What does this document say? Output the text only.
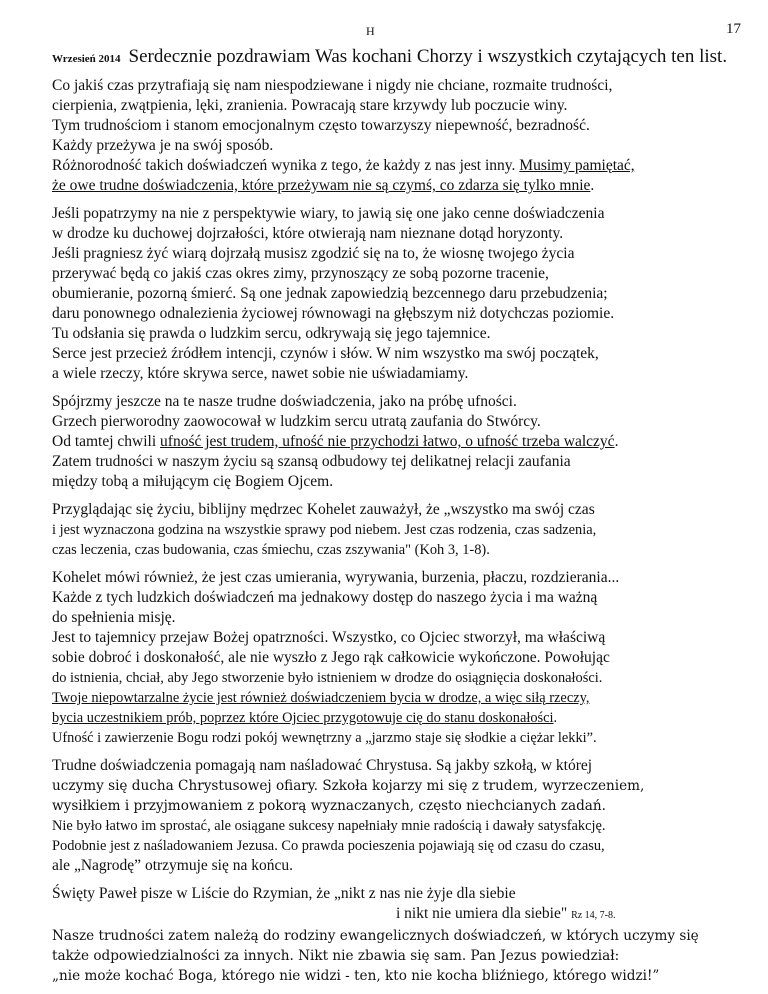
H	17
Wrzesień 2014 Serdecznie pozdrawiam Was kochani Chorzy i wszystkich czytających ten list.

Co jakiś czas przytrafiają się nam niespodziewane i nigdy nie chciane, rozmaite trudności,
cierpienia, zwątpienia, lęki, zranienia. Powracają stare krzywdy lub poczucie winy.
Tym trudnościom i stanom emocjonalnym często towarzyszy niepewność, bezradność.
Każdy przeżywa je na swój sposób.
Różnorodność takich doświadczeń wynika z tego, że każdy z nas jest inny. Musimy pamiętać,
że owe trudne doświadczenia, które przeżywam nie są czymś, co zdarza się tylko mnie.

Jeśli popatrzymy na nie z perspektywie wiary, to jawią się one jako cenne doświadczenia
w drodze ku duchowej dojrzałości, które otwierają nam nieznane dotąd horyzonty.
Jeśli pragniesz żyć wiarą dojrzałą musisz zgodzić się na to, że wiosnę twojego życia
przerywać będą co jakiś czas okres zimy, przynoszący ze sobą pozorne tracenie,
obumieranie, pozorną śmierć. Są one jednak zapowiedzią bezcennego daru przebudzenia;
daru ponownego odnalezienia życiowej równowagi na głębszym niż dotychczas poziomie.
Tu odsłania się prawda o ludzkim sercu, odkrywają się jego tajemnice.
Serce jest przecież źródłem intencji, czynów i słów. W nim wszystko ma swój początek,
a wiele rzeczy, które skrywa serce, nawet sobie nie uświadamiamy.

Spójrzmy jeszcze na te nasze trudne doświadczenia, jako na próbę ufności.
Grzech pierworodny zaowocował w ludzkim sercu utratą zaufania do Stwórcy.
Od tamtej chwili ufność jest trudem, ufność nie przychodzi łatwo, o ufność trzeba walczyć.
Zatem trudności w naszym życiu są szansą odbudowy tej delikatnej relacji zaufania
między tobą a miłującym cię Bogiem Ojcem.

Przyglądając się życiu, biblijny mędrzec Kohelet zauważył, że „wszystko ma swój czas
i jest wyznaczona godzina na wszystkie sprawy pod niebem. Jest czas rodzenia, czas sadzenia,
czas leczenia, czas budowania, czas śmiechu, czas zszywania" (Koh 3, 1-8).

Kohelet mówi również, że jest czas umierania, wyrywania, burzenia, płaczu, rozdzierania...
Każde z tych ludzkich doświadczeń ma jednakowy dostęp do naszego życia i ma ważną
do spełnienia misję.
Jest to tajemnicy przejaw Bożej opatrzności. Wszystko, co Ojciec stworzył, ma właściwą
sobie dobroć i doskonałość, ale nie wyszło z Jego rąk całkowicie wykończone. Powołując
do istnienia, chciał, aby Jego stworzenie było istnieniem w drodze do osiągnięcia doskonałości.
Twoje niepowtarzalne życie jest również doświadczeniem bycia w drodze, a więc siłą rzeczy,
bycia uczestnikiem prób, poprzez które Ojciec przygotowuje cię do stanu doskonałości.
Ufność i zawierzenie Bogu rodzi pokój wewnętrzny a „jarzmo staje się słodkie a ciężar lekki”.

Trudne doświadczenia pomagają nam naśladować Chrystusa. Są jakby szkołą, w której
uczymy się ducha Chrystusowej ofiary. Szkoła kojarzy mi się z trudem, wyrzeczeniem,
wysiłkiem i przyjmowaniem z pokorą wyznaczanych, często niechcianych zadań.
Nie było łatwo im sprostać, ale osiągane sukcesy napełniały mnie radością i dawały satysfakcję.
Podobnie jest z naśladowaniem Jezusa. Co prawda pocieszenia pojawiają się od czasu do czasu,
ale „Nagrodę” otrzymuje się na końcu.

Święty Paweł pisze w Liście do Rzymian, że „nikt z nas nie żyje dla siebie
i nikt nie umiera dla siebie" Rz 14, 7-8.
Nasze trudności zatem należą do rodziny ewangelicznych doświadczeń, w których uczymy się
także odpowiedzialności za innych. Nikt nie zbawia się sam. Pan Jezus powiedział:
„nie może kochać Boga, którego nie widzi - ten, kto nie kocha bliźniego, którego widzi!”
